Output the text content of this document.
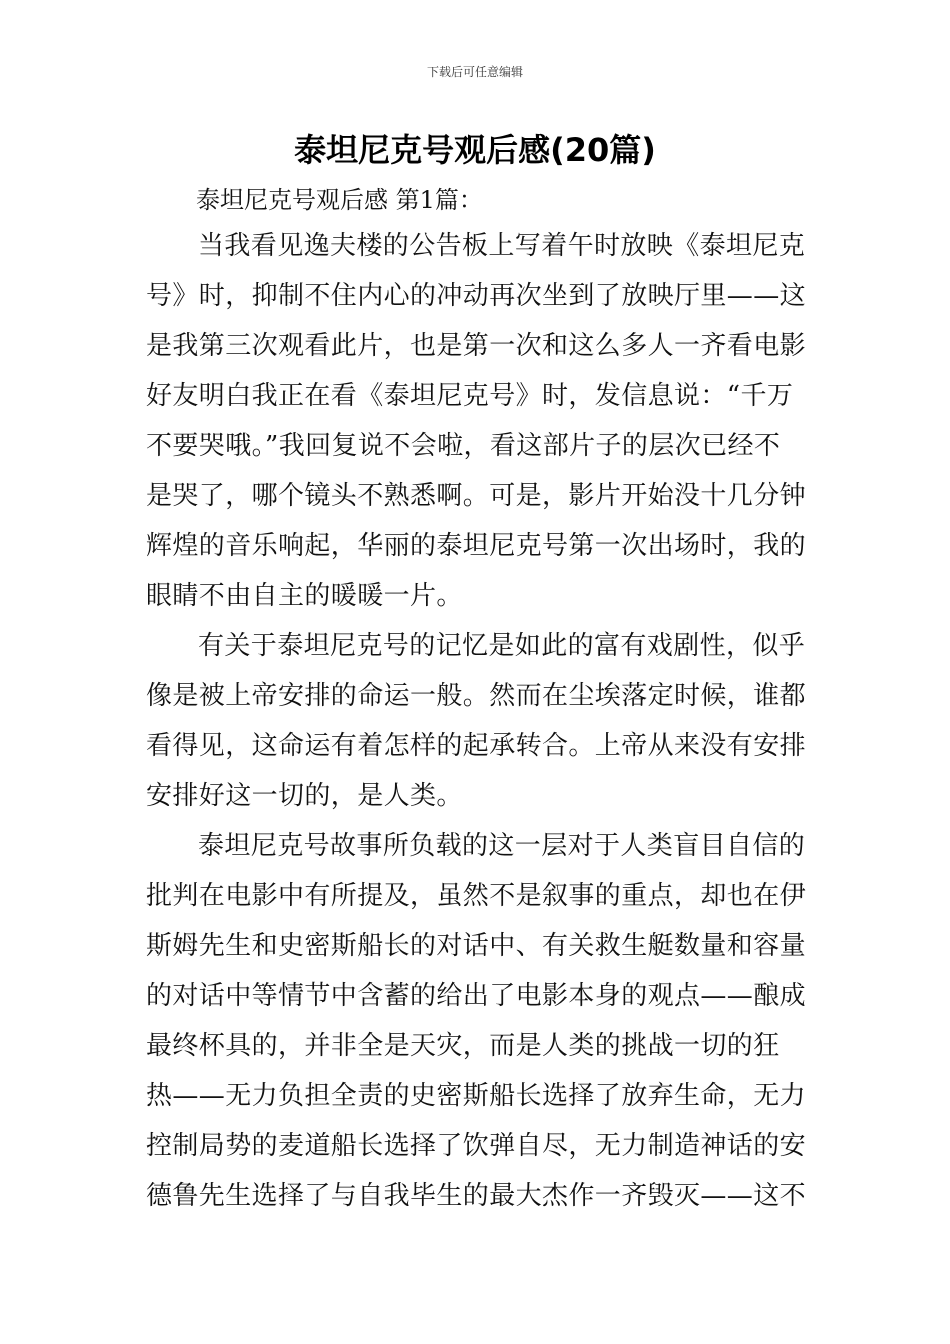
下载后可任意编辑
泰坦尼克号观后感(20篇)
泰坦尼克号观后感 第1篇：
当我看见逸夫楼的公告板上写着午时放映《泰坦尼克
号》时，抑制不住内心的冲动再次坐到了放映厅里——这
是我第三次观看此片，也是第一次和这么多人一齐看电影
好友明白我正在看《泰坦尼克号》时，发信息说：“千万
不要哭哦。”我回复说不会啦，看这部片子的层次已经不
是哭了，哪个镜头不熟悉啊。可是，影片开始没十几分钟
辉煌的音乐响起，华丽的泰坦尼克号第一次出场时，我的
眼睛不由自主的暖暖一片。
有关于泰坦尼克号的记忆是如此的富有戏剧性，似乎
像是被上帝安排的命运一般。然而在尘埃落定时候，谁都
看得见，这命运有着怎样的起承转合。上帝从来没有安排
安排好这一切的，是人类。
泰坦尼克号故事所负载的这一层对于人类盲目自信的
批判在电影中有所提及，虽然不是叙事的重点，却也在伊
斯姆先生和史密斯船长的对话中、有关救生艇数量和容量
的对话中等情节中含蓄的给出了电影本身的观点——酿成
最终杯具的，并非全是天灾，而是人类的挑战一切的狂
热——无力负担全责的史密斯船长选择了放弃生命，无力
控制局势的麦道船长选择了饮弹自尽，无力制造神话的安
德鲁先生选择了与自我毕生的最大杰作一齐毁灭——这不
